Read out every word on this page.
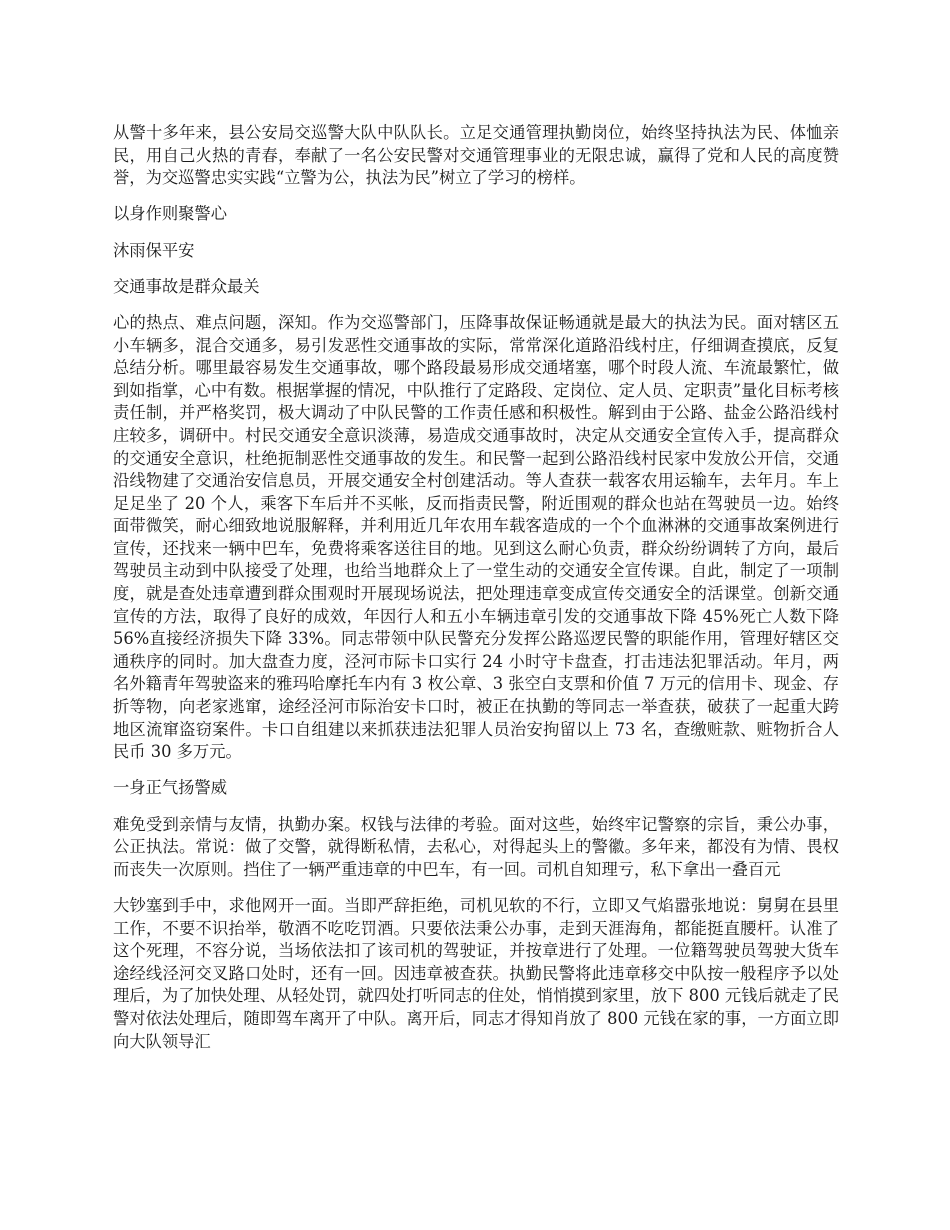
从警十多年来，县公安局交巡警大队中队队长。立足交通管理执勤岗位，始终坚持执法为民、体恤亲民，用自己火热的青春，奉献了一名公安民警对交通管理事业的无限忠诚，赢得了党和人民的高度赞誉，为交巡警忠实实践“立警为公，执法为民”树立了学习的榜样。

以身作则聚警心

沐雨保平安

交通事故是群众最关

心的热点、难点问题，深知。作为交巡警部门，压降事故保证畅通就是最大的执法为民。面对辖区五小车辆多，混合交通多，易引发恶性交通事故的实际，常常深化道路沿线村庄，仔细调查摸底，反复总结分析。哪里最容易发生交通事故，哪个路段最易形成交通堵塞，哪个时段人流、车流最繁忙，做到如指掌，心中有数。根据掌握的情况，中队推行了定路段、定岗位、定人员、定职责”量化目标考核责任制，并严格奖罚，极大调动了中队民警的工作责任感和积极性。解到由于公路、盐金公路沿线村庄较多，调研中。村民交通安全意识淡薄，易造成交通事故时，决定从交通安全宣传入手，提高群众的交通安全意识，杜绝扼制恶性交通事故的发生。和民警一起到公路沿线村民家中发放公开信，交通沿线物建了交通治安信息员，开展交通安全村创建活动。等人查获一载客农用运输车，去年月。车上足足坐了 20 个人，乘客下车后并不买帐，反而指责民警，附近围观的群众也站在驾驶员一边。始终面带微笑，耐心细致地说服解释，并利用近几年农用车载客造成的一个个血淋淋的交通事故案例进行宣传，还找来一辆中巴车，免费将乘客送往目的地。见到这么耐心负责，群众纷纷调转了方向，最后驾驶员主动到中队接受了处理，也给当地群众上了一堂生动的交通安全宣传课。自此，制定了一项制度，就是查处违章遭到群众围观时开展现场说法，把处理违章变成宣传交通安全的活课堂。创新交通宣传的方法，取得了良好的成效，年因行人和五小车辆违章引发的交通事故下降 45%死亡人数下降 56%直接经济损失下降 33%。同志带领中队民警充分发挥公路巡逻民警的职能作用，管理好辖区交通秩序的同时。加大盘查力度，泾河市际卡口实行 24 小时守卡盘查，打击违法犯罪活动。年月，两名外籍青年驾驶盗来的雅玛哈摩托车内有 3 枚公章、3 张空白支票和价值 7 万元的信用卡、现金、存折等物，向老家逃窜，途经泾河市际治安卡口时，被正在执勤的等同志一举查获，破获了一起重大跨地区流窜盗窃案件。卡口自组建以来抓获违法犯罪人员治安拘留以上 73 名，查缴赃款、赃物折合人民币 30 多万元。

一身正气扬警威

难免受到亲情与友情，执勤办案。权钱与法律的考验。面对这些，始终牢记警察的宗旨，秉公办事，公正执法。常说：做了交警，就得断私情，去私心，对得起头上的警徽。多年来，都没有为情、畏权而丧失一次原则。挡住了一辆严重违章的中巴车，有一回。司机自知理亏，私下拿出一叠百元

大钞塞到手中，求他网开一面。当即严辞拒绝，司机见软的不行，立即又气焰嚣张地说：舅舅在县里工作，不要不识抬举，敬酒不吃吃罚酒。只要依法秉公办事，走到天涯海角，都能挺直腰杆。认准了这个死理，不容分说，当场依法扣了该司机的驾驶证，并按章进行了处理。一位籍驾驶员驾驶大货车途经线泾河交叉路口处时，还有一回。因违章被查获。执勤民警将此违章移交中队按一般程序予以处理后，为了加快处理、从轻处罚，就四处打听同志的住处，悄悄摸到家里，放下 800 元钱后就走了民警对依法处理后，随即驾车离开了中队。离开后，同志才得知肖放了 800 元钱在家的事，一方面立即向大队领导汇
